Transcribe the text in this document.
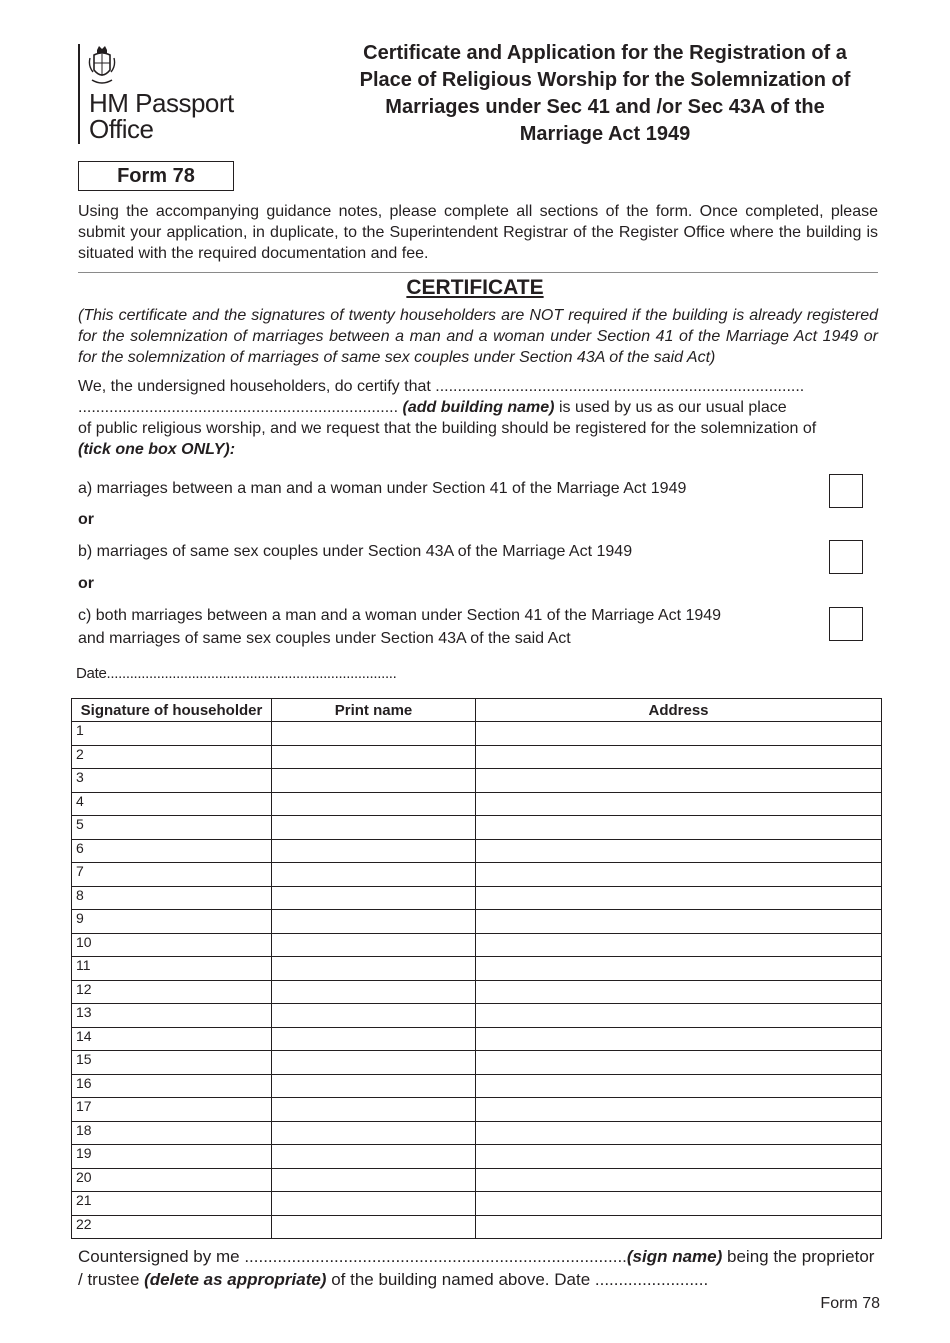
HM Passport
Office
Certificate and Application for the Registration of a
Place of Religious Worship for the Solemnization of
Marriages under Sec 41 and /or Sec 43A of the
Marriage Act 1949
Form 78
Using the accompanying guidance notes, please complete all sections of the form. Once completed, please submit your application, in duplicate, to the Superintendent Registrar of the Register Office where the building is situated with the required documentation and fee.
CERTIFICATE
(This certificate and the signatures of twenty householders are NOT required if the building is already registered for the solemnization of marriages between a man and a woman under Section 41 of the Marriage Act 1949 or for the solemnization of marriages of same sex couples under Section 43A of the said Act)
We, the undersigned householders, do certify that ...................................................................................
........................................................................ (add building name) is used by us as our usual place
of public religious worship, and we request that the building should be registered for the solemnization of
(tick one box ONLY):
a) marriages between a man and a woman under Section 41 of the Marriage Act 1949
or
b) marriages of same sex couples under Section 43A of the Marriage Act 1949
or
c) both marriages between a man and a woman under Section 41 of the Marriage Act 1949
and marriages of same sex couples under Section 43A of the said Act
Date...........................................................................
Signature of householder	Print name	Address
1		
2		
3		
4		
5		
6		
7		
8		
9		
10		
11		
12		
13		
14		
15		
16		
17		
18		
19		
20		
21		
22		
Countersigned by me .................................................................................(sign name) being the proprietor / trustee (delete as appropriate) of the building named above. Date ........................
Form 78
